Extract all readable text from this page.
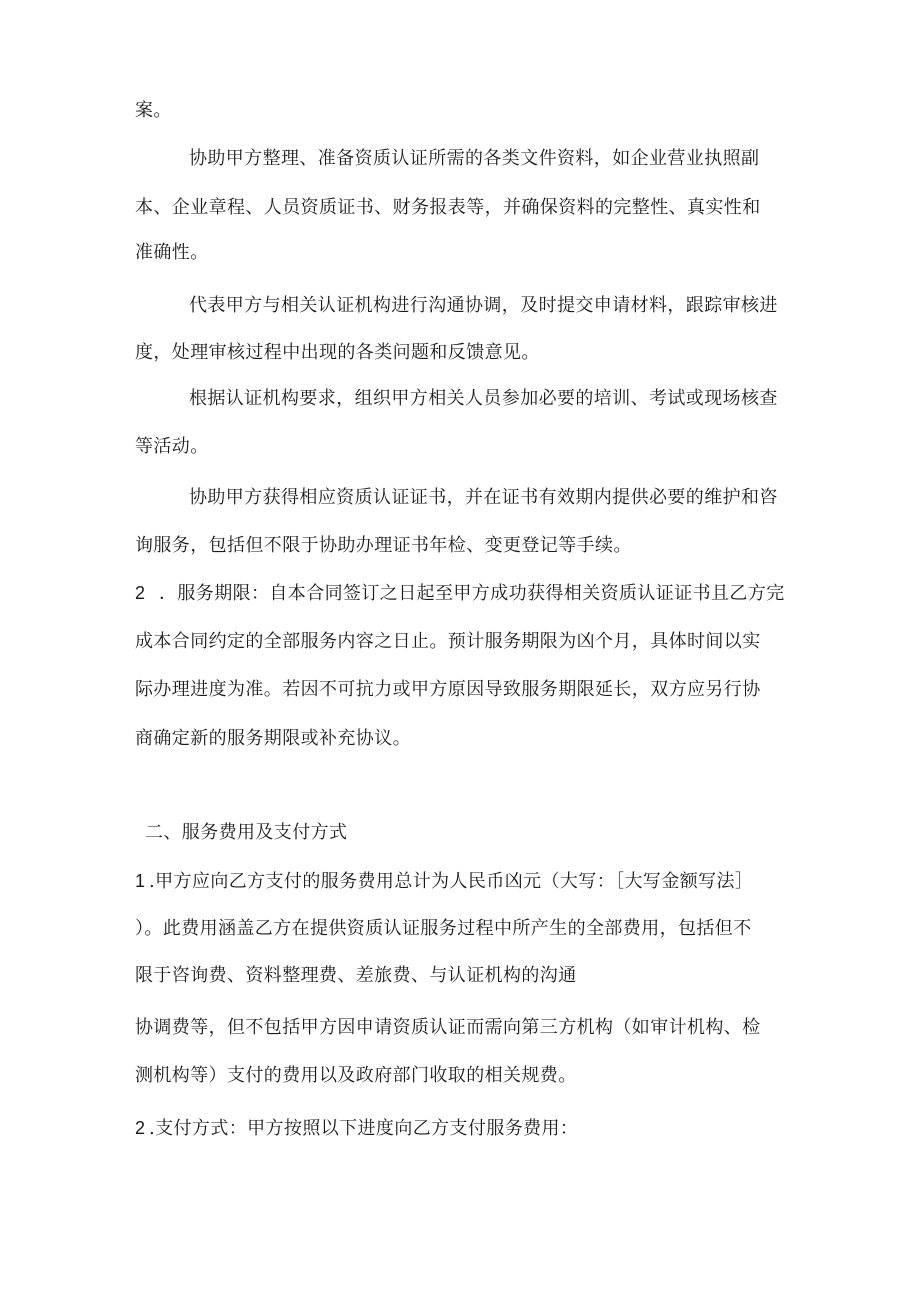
案。
协助甲方整理、准备资质认证所需的各类文件资料，如企业营业执照副
本、企业章程、人员资质证书、财务报表等，并确保资料的完整性、真实性和
准确性。
代表甲方与相关认证机构进行沟通协调，及时提交申请材料，跟踪审核进
度，处理审核过程中出现的各类问题和反馈意见。
根据认证机构要求，组织甲方相关人员参加必要的培训、考试或现场核查
等活动。
协助甲方获得相应资质认证证书，并在证书有效期内提供必要的维护和咨
询服务，包括但不限于协助办理证书年检、变更登记等手续。
2 ．服务期限：自本合同签订之日起至甲方成功获得相关资质认证证书且乙方完
成本合同约定的全部服务内容之日止。预计服务期限为凶个月，具体时间以实
际办理进度为准。若因不可抗力或甲方原因导致服务期限延长，双方应另行协
商确定新的服务期限或补充协议。
二、服务费用及支付方式
1 .甲方应向乙方支付的服务费用总计为人民币凶元（大写：［大写金额写法］
）。此费用涵盖乙方在提供资质认证服务过程中所产生的全部费用，包括但不
限于咨询费、资料整理费、差旅费、与认证机构的沟通
协调费等，但不包括甲方因申请资质认证而需向第三方机构（如审计机构、检
测机构等）支付的费用以及政府部门收取的相关规费。
2 .支付方式：甲方按照以下进度向乙方支付服务费用：
